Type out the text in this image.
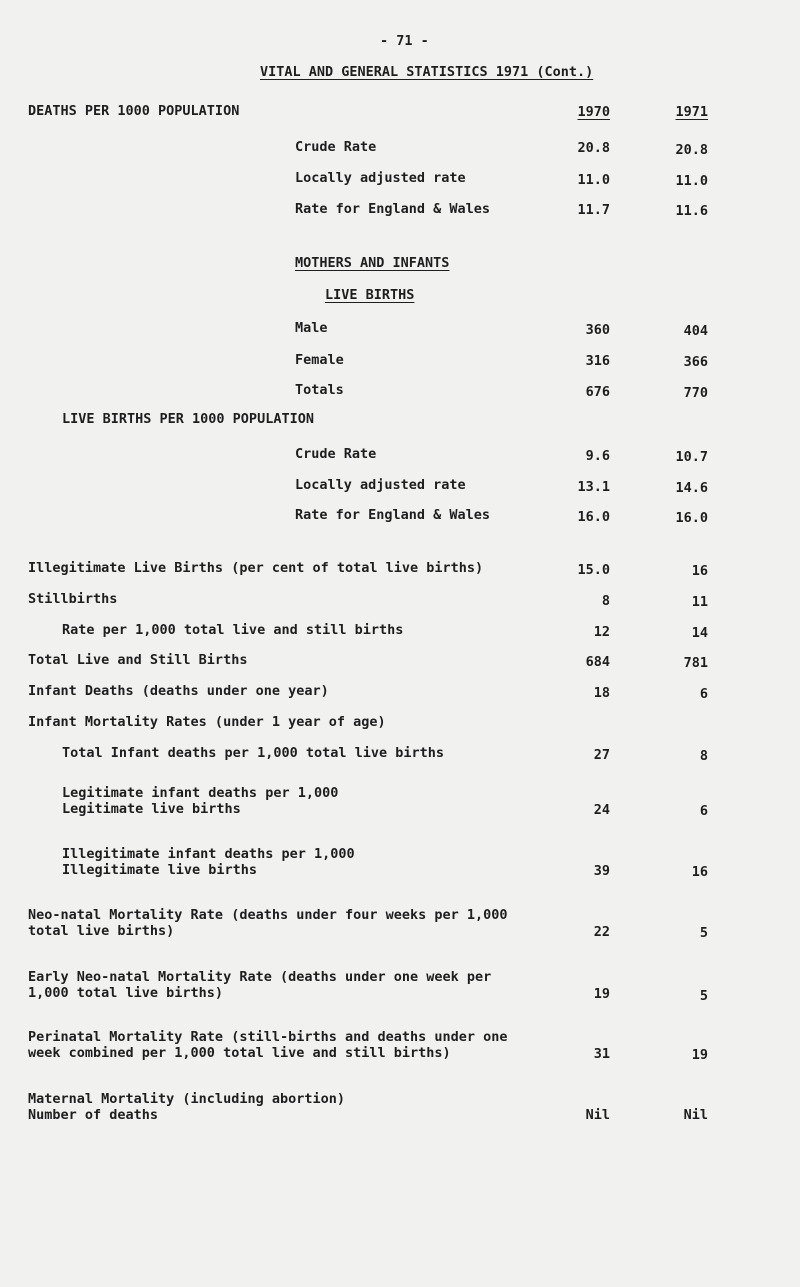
- 71 -
VITAL AND GENERAL STATISTICS 1971 (Cont.)
DEATHS PER 1000 POPULATION	1970	1971
Crude Rate	20.8	20.8
Locally adjusted rate	11.0	11.0
Rate for England & Wales	11.7	11.6
MOTHERS AND INFANTS
LIVE BIRTHS
Male	360	404
Female	316	366
Totals	676	770
LIVE BIRTHS PER 1000 POPULATION
Crude Rate	9.6	10.7
Locally adjusted rate	13.1	14.6
Rate for England & Wales	16.0	16.0
Illegitimate Live Births (per cent of total live births)	15.0	16
Stillbirths	8	11
Rate per 1,000 total live and still births	12	14
Total Live and Still Births	684	781
Infant Deaths (deaths under one year)	18	6
Infant Mortality Rates (under 1 year of age)
Total Infant deaths per 1,000 total live births	27	8
Legitimate infant deaths per 1,000
Legitimate live births	24	6
Illegitimate infant deaths per 1,000
Illegitimate live births	39	16
Neo-natal Mortality Rate (deaths under four weeks per 1,000
total live births)	22	5
Early Neo-natal Mortality Rate (deaths under one week per
1,000 total live births)	19	5
Perinatal Mortality Rate (still-births and deaths under one
week combined per 1,000 total live and still births)	31	19
Maternal Mortality (including abortion)
Number of deaths	Nil	Nil
